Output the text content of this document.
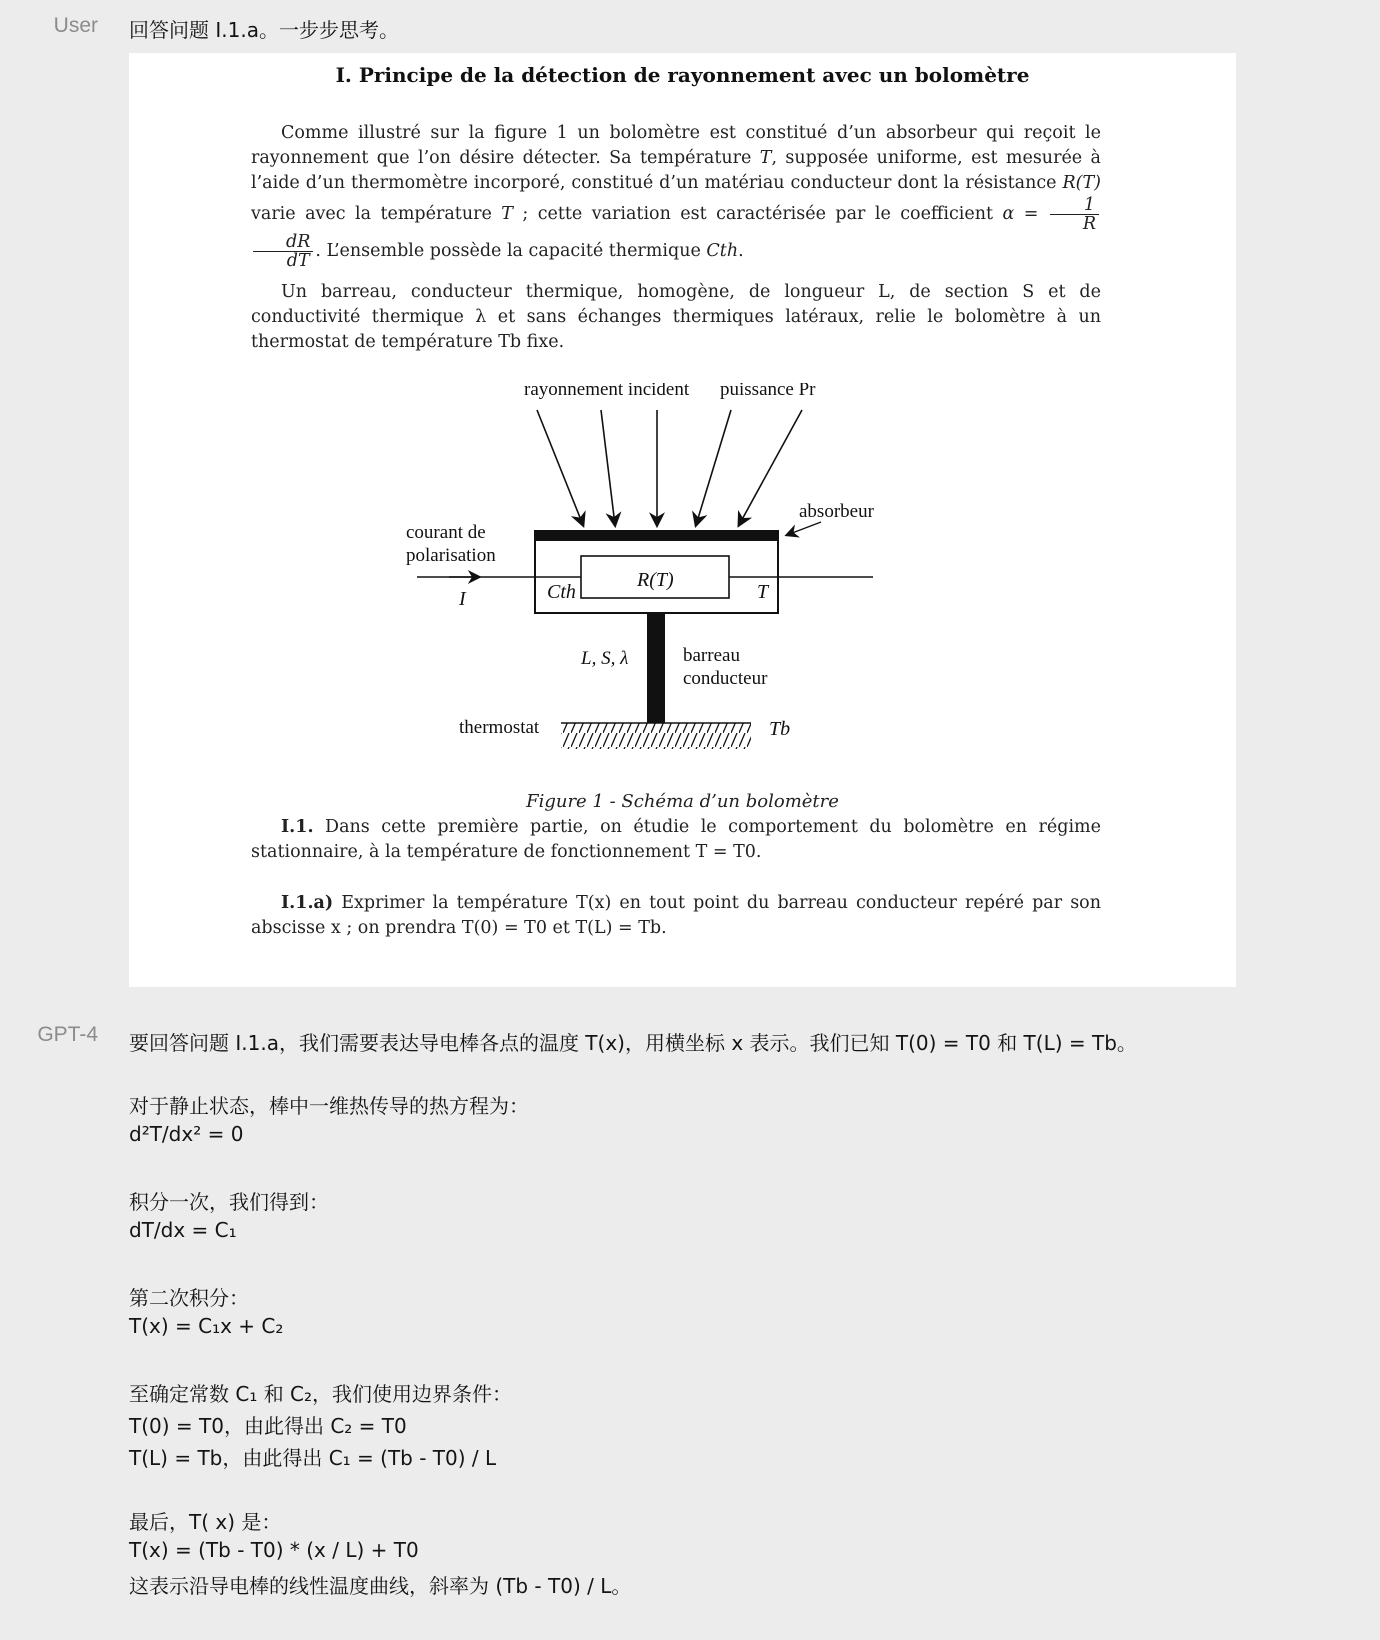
User 回答问题 I.1.a。一步步思考。
I. Principe de la détection de rayonnement avec un bolomètre
Comme illustré sur la figure 1 un bolomètre est constitué d’un absorbeur qui reçoit le rayonnement que l’on désire détecter. Sa température T, supposée uniforme, est mesurée à l’aide d’un thermomètre incorporé, constitué d’un matériau conducteur dont la résistance R(T) varie avec la température T ; cette variation est caractérisée par le coefficient $\alpha = \frac{1}{R}$
$\frac{dR}{dT}$ . L’ensemble possède la capacité thermique Cth.
Un barreau, conducteur thermique, homogène, de longueur L, de section S et de conductivité thermique λ et sans échanges thermiques latéraux, relie le bolomètre à un thermostat de température Tb fixe.
rayonnement incident puissance Pr
absorbeur
courant de
polarisation
I	Cth
R(T)
T
L, S, λ	barreau
conducteur
thermostat	Tb
Figure 1 - Schéma d’un bolomètre
I.1. Dans cette première partie, on étudie le comportement du bolomètre en régime stationnaire, à la température de fonctionnement T = T0.
I.1.a) Exprimer la température T(x) en tout point du barreau conducteur repéré par son abscisse x ; on prendra T(0) = T0 et T(L) = Tb.
GPT-4 要回答问题 I.1.a，我们需要表达导电棒各点的温度 T(x)，用横坐标 x 表示。我们已知 T(0) = T0 和 T(L) = Tb。
对于静止状态，棒中一维热传导的热方程为：
d²T/dx² = 0
积分一次，我们得到：
dT/dx = C₁
第二次积分：
T(x) = C₁x + C₂
至确定常数 C₁ 和 C₂，我们使用边界条件：
T(0) = T0，由此得出 C₂ = T0
T(L) = Tb，由此得出 C₁ = (Tb - T0) / L
最后，T( x) 是：
T(x) = (Tb - T0) * (x / L) + T0
这表示沿导电棒的线性温度曲线，斜率为 (Tb - T0) / L。
